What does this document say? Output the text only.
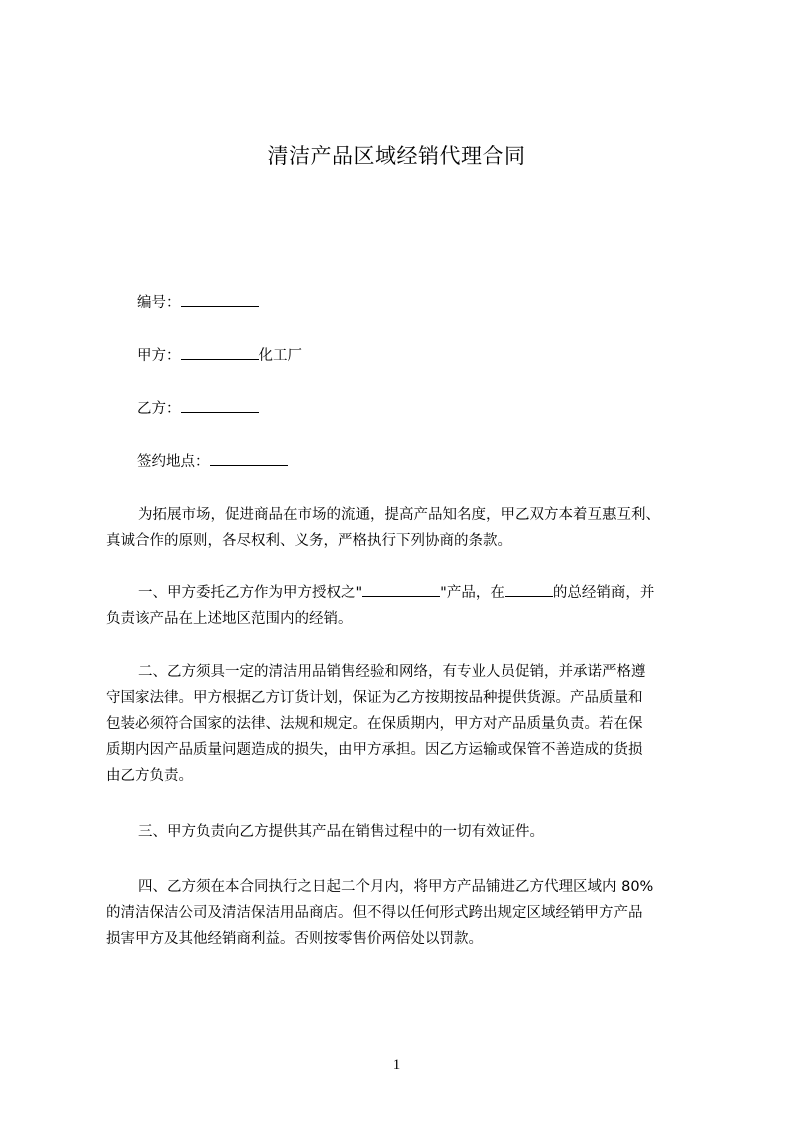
清洁产品区域经销代理合同
编号：
甲方：	化工厂
乙方：
签约地点：
为拓展市场，促进商品在市场的流通，提高产品知名度，甲乙双方本着互惠互利、
真诚合作的原则，各尽权利、义务，严格执行下列协商的条款。
一、甲方委托乙方作为甲方授权之"	"产品，在	的总经销商，并
负责该产品在上述地区范围内的经销。
二、乙方须具一定的清洁用品销售经验和网络，有专业人员促销，并承诺严格遵
守国家法律。甲方根据乙方订货计划，保证为乙方按期按品种提供货源。产品质量和
包装必须符合国家的法律、法规和规定。在保质期内，甲方对产品质量负责。若在保
质期内因产品质量问题造成的损失，由甲方承担。因乙方运输或保管不善造成的货损
由乙方负责。
三、甲方负责向乙方提供其产品在销售过程中的一切有效证件。
四、乙方须在本合同执行之日起二个月内，将甲方产品铺进乙方代理区域内 80%
的清洁保洁公司及清洁保洁用品商店。但不得以任何形式跨出规定区域经销甲方产品
损害甲方及其他经销商利益。否则按零售价两倍处以罚款。
1
